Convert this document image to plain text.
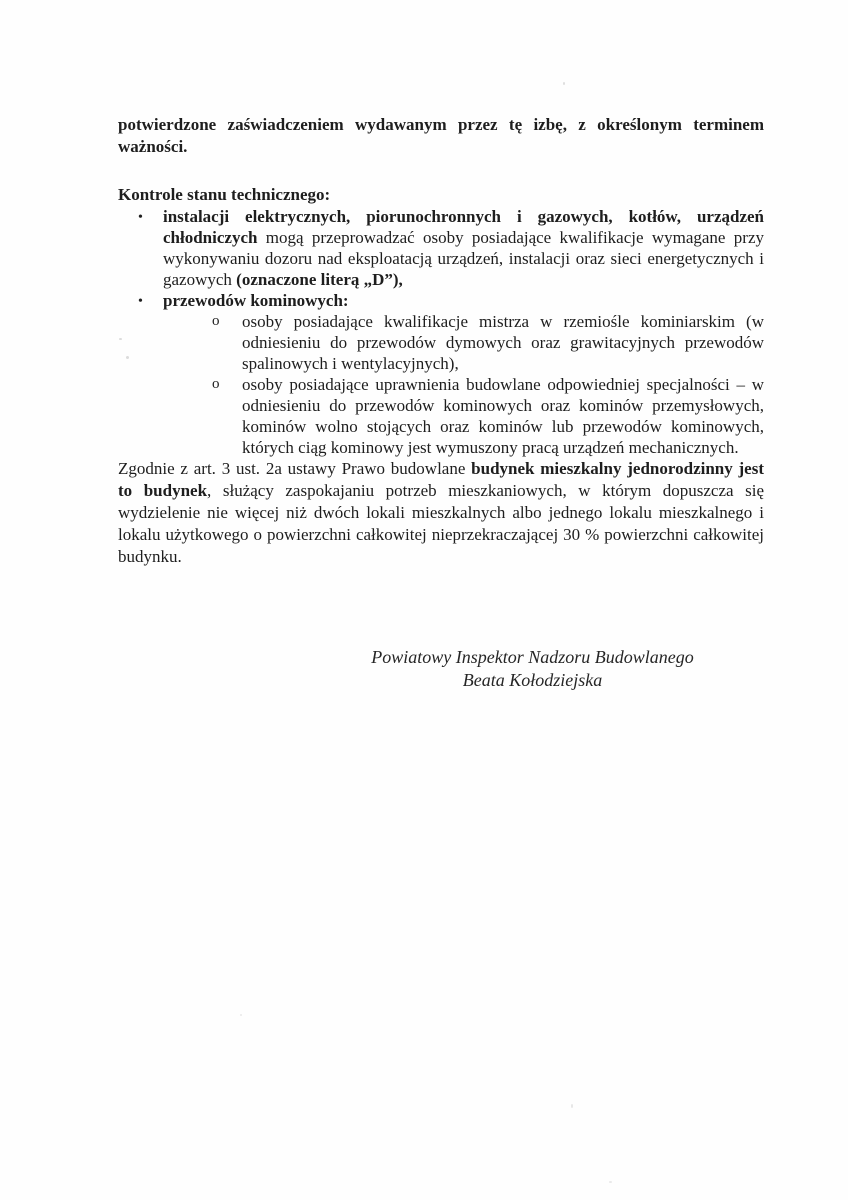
potwierdzone zaświadczeniem wydawanym przez tę izbę, z określonym terminem ważności.

Kontrole stanu technicznego:

• instalacji elektrycznych, piorunochronnych i gazowych, kotłów, urządzeń chłodniczych mogą przeprowadzać osoby posiadające kwalifikacje wymagane przy wykonywaniu dozoru nad eksploatacją urządzeń, instalacji oraz sieci energetycznych i gazowych (oznaczone literą „D”),

• przewodów kominowych:

o osoby posiadające kwalifikacje mistrza w rzemiośle kominiarskim (w odniesieniu do przewodów dymowych oraz grawitacyjnych przewodów spalinowych i wentylacyjnych),

o osoby posiadające uprawnienia budowlane odpowiedniej specjalności – w odniesieniu do przewodów kominowych oraz kominów przemysłowych, kominów wolno stojących oraz kominów lub przewodów kominowych, których ciąg kominowy jest wymuszony pracą urządzeń mechanicznych.

Zgodnie z art. 3 ust. 2a ustawy Prawo budowlane budynek mieszkalny jednorodzinny jest to budynek, służący zaspokajaniu potrzeb mieszkaniowych, w którym dopuszcza się wydzielenie nie więcej niż dwóch lokali mieszkalnych albo jednego lokalu mieszkalnego i lokalu użytkowego o powierzchni całkowitej nieprzekraczającej 30 % powierzchni całkowitej budynku.

Powiatowy Inspektor Nadzoru Budowlanego

Beata Kołodziejska
